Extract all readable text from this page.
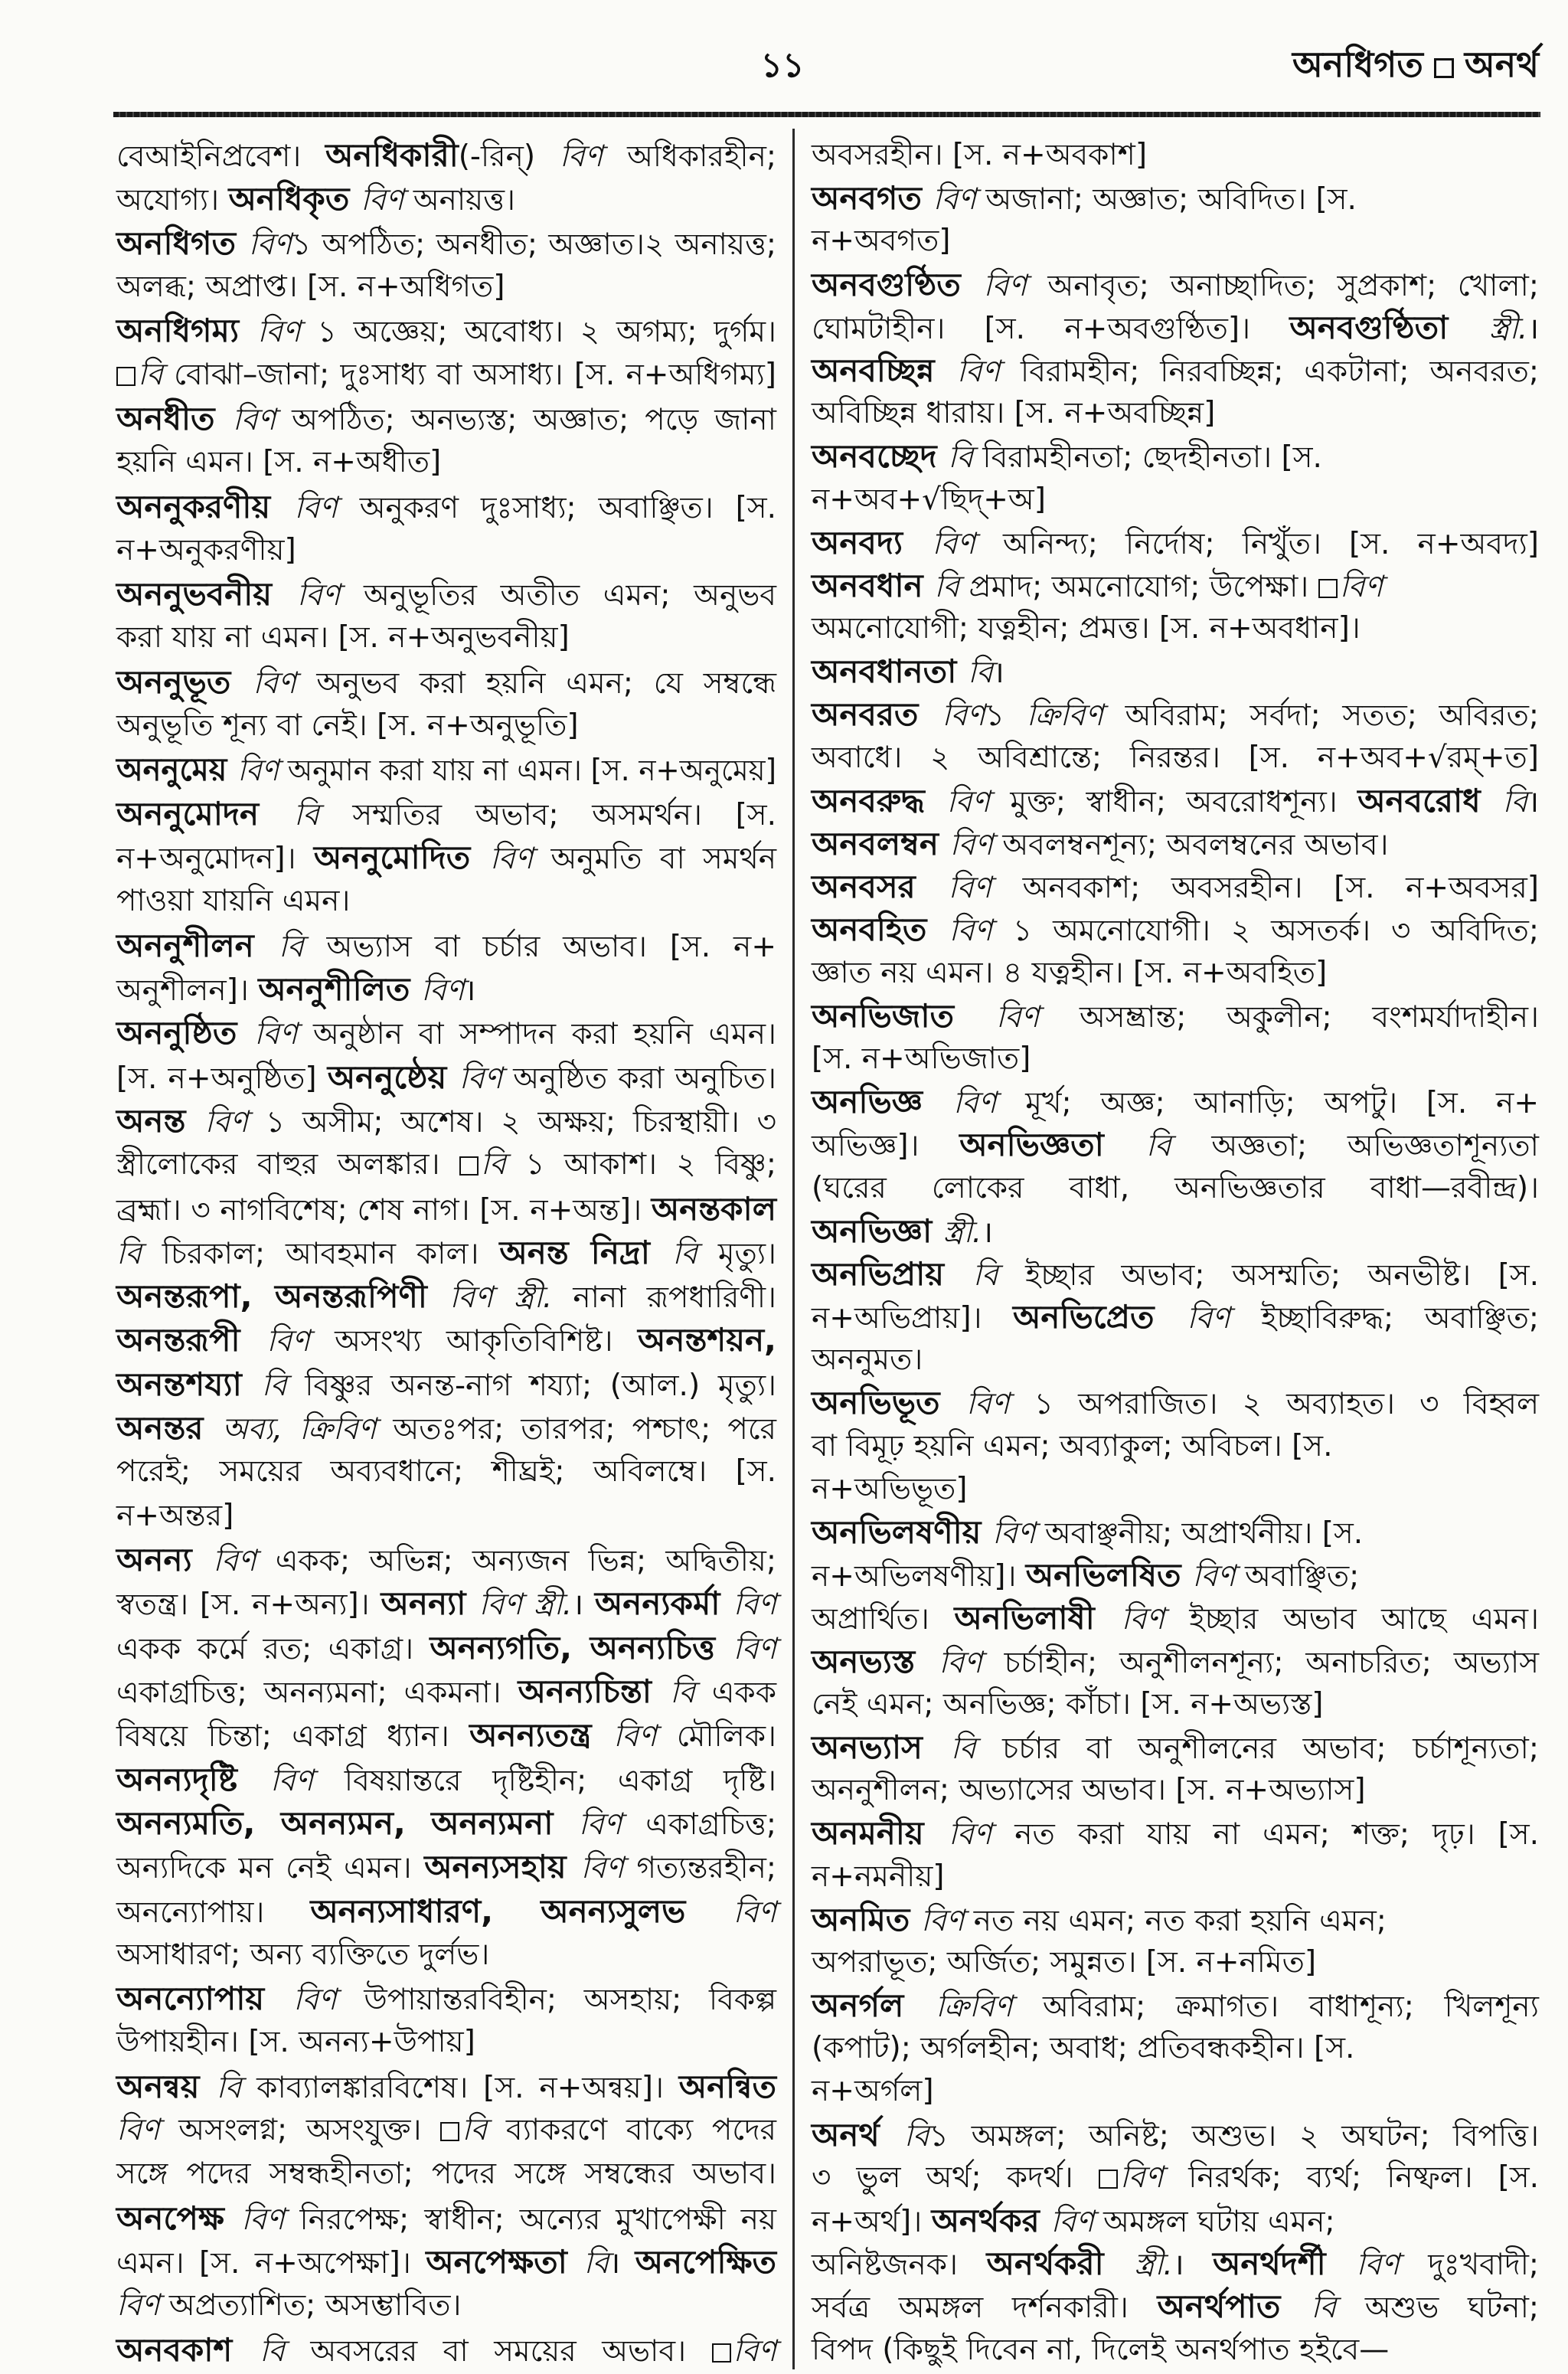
১১	অনধিগত অনর্থ
বেআইনিপ্রবেশ। অনধিকারী(-রিন্) বিণ অধিকারহীন;
অযোগ্য। অনধিকৃত বিণ অনায়ত্ত।
অনধিগত বিণ১ অপঠিত; অনধীত; অজ্ঞাত।২ অনায়ত্ত;
অলব্ধ; অপ্রাপ্ত। [স. ন+অধিগত]
অনধিগম্য বিণ ১ অজ্ঞেয়; অবোধ্য। ২ অগম্য; দুর্গম।
বি বোঝা–জানা; দুঃসাধ্য বা অসাধ্য। [স. ন+অধিগম্য]
অনধীত বিণ অপঠিত; অনভ্যস্ত; অজ্ঞাত; পড়ে জানা
হয়নি এমন। [স. ন+অধীত]
অননুকরণীয় বিণ অনুকরণ দুঃসাধ্য; অবাঞ্ছিত। [স.
ন+অনুকরণীয়]
অননুভবনীয় বিণ অনুভূতির অতীত এমন; অনুভব
করা যায় না এমন। [স. ন+অনুভবনীয়]
অননুভূত বিণ অনুভব করা হয়নি এমন; যে সম্বন্ধে
অনুভূতি শূন্য বা নেই। [স. ন+অনুভূতি]
অননুমেয় বিণ অনুমান করা যায় না এমন। [স. ন+অনুমেয়]
অননুমোদন বি সম্মতির অভাব; অসমর্থন। [স.
ন+অনুমোদন]। অননুমোদিত বিণ অনুমতি বা সমর্থন
পাওয়া যায়নি এমন।
অননুশীলন বি অভ্যাস বা চর্চার অভাব। [স. ন+
অনুশীলন]। অননুশীলিত বিণ।
অননুষ্ঠিত বিণ অনুষ্ঠান বা সম্পাদন করা হয়নি এমন।
[স. ন+অনুষ্ঠিত] অননুষ্ঠেয় বিণ অনুষ্ঠিত করা অনুচিত।
অনন্ত বিণ ১ অসীম; অশেষ। ২ অক্ষয়; চিরস্থায়ী। ৩
স্ত্রীলোকের বাহুর অলঙ্কার। বি ১ আকাশ। ২ বিষ্ণু;
ব্রহ্মা। ৩ নাগবিশেষ; শেষ নাগ। [স. ন+অন্ত]। অনন্তকাল
বি চিরকাল; আবহমান কাল। অনন্ত নিদ্রা বি মৃত্যু।
অনন্তরূপা, অনন্তরূপিণী বিণ স্ত্রী. নানা রূপধারিণী।
অনন্তরূপী বিণ অসংখ্য আকৃতিবিশিষ্ট। অনন্তশয়ন,
অনন্তশয্যা বি বিষ্ণুর অনন্ত-নাগ শয্যা; (আল.) মৃত্যু।
অনন্তর অব্য, ক্রিবিণ অতঃপর; তারপর; পশ্চাৎ; পরে
পরেই; সময়ের অব্যবধানে; শীঘ্রই; অবিলম্বে। [স.
ন+অন্তর]
অনন্য বিণ একক; অভিন্ন; অন্যজন ভিন্ন; অদ্বিতীয়;
স্বতন্ত্র। [স. ন+অন্য]। অনন্যা বিণ স্ত্রী.। অনন্যকর্মা বিণ
একক কর্মে রত; একাগ্র। অনন্যগতি, অনন্যচিত্ত বিণ
একাগ্রচিত্ত; অনন্যমনা; একমনা। অনন্যচিন্তা বি একক
বিষয়ে চিন্তা; একাগ্র ধ্যান। অনন্যতন্ত্র বিণ মৌলিক।
অনন্যদৃষ্টি বিণ বিষয়ান্তরে দৃষ্টিহীন; একাগ্র দৃষ্টি।
অনন্যমতি, অনন্যমন, অনন্যমনা বিণ একাগ্রচিত্ত;
অন্যদিকে মন নেই এমন। অনন্যসহায় বিণ গত্যন্তরহীন;
অনন্যোপায়। অনন্যসাধারণ, অনন্যসুলভ বিণ
অসাধারণ; অন্য ব্যক্তিতে দুর্লভ।
অনন্যোপায় বিণ উপায়ান্তরবিহীন; অসহায়; বিকল্প
উপায়হীন। [স. অনন্য+উপায়]
অনন্বয় বি কাব্যালঙ্কারবিশেষ। [স. ন+অন্বয়]। অনন্বিত
বিণ অসংলগ্ন; অসংযুক্ত। বি ব্যাকরণে বাক্যে পদের
সঙ্গে পদের সম্বন্ধহীনতা; পদের সঙ্গে সম্বন্ধের অভাব।
অনপেক্ষ বিণ নিরপেক্ষ; স্বাধীন; অন্যের মুখাপেক্ষী নয়
এমন। [স. ন+অপেক্ষা]। অনপেক্ষতা বি। অনপেক্ষিত
বিণ অপ্রত্যাশিত; অসম্ভাবিত।
অনবকাশ বি অবসরের বা সময়ের অভাব। বিণ
অবসরহীন। [স. ন+অবকাশ]
অনবগত বিণ অজানা; অজ্ঞাত; অবিদিত। [স.
ন+অবগত]
অনবগুণ্ঠিত বিণ অনাবৃত; অনাচ্ছাদিত; সুপ্রকাশ; খোলা;
ঘোমটাহীন। [স. ন+অবগুণ্ঠিত]। অনবগুণ্ঠিতা স্ত্রী.।
অনবচ্ছিন্ন বিণ বিরামহীন; নিরবচ্ছিন্ন; একটানা; অনবরত;
অবিচ্ছিন্ন ধারায়। [স. ন+অবচ্ছিন্ন]
অনবচ্ছেদ বি বিরামহীনতা; ছেদহীনতা। [স.
ন+অব+√ছিদ্+অ]
অনবদ্য বিণ অনিন্দ্য; নির্দোষ; নিখুঁত। [স. ন+অবদ্য]
অনবধান বি প্রমাদ; অমনোযোগ; উপেক্ষা। বিণ
অমনোযোগী; যত্নহীন; প্রমত্ত। [স. ন+অবধান]।
অনবধানতা বি।
অনবরত বিণ১ ক্রিবিণ অবিরাম; সর্বদা; সতত; অবিরত;
অবাধে। ২ অবিশ্রান্তে; নিরন্তর। [স. ন+অব+√রম্+ত]
অনবরুদ্ধ বিণ মুক্ত; স্বাধীন; অবরোধশূন্য। অনবরোধ বি।
অনবলম্বন বিণ অবলম্বনশূন্য; অবলম্বনের অভাব।
অনবসর বিণ অনবকাশ; অবসরহীন। [স. ন+অবসর]
অনবহিত বিণ ১ অমনোযোগী। ২ অসতর্ক। ৩ অবিদিত;
জ্ঞাত নয় এমন। ৪ যত্নহীন। [স. ন+অবহিত]
অনভিজাত বিণ অসম্ভ্রান্ত; অকুলীন; বংশমর্যাদাহীন।
[স. ন+অভিজাত]
অনভিজ্ঞ বিণ মূর্খ; অজ্ঞ; আনাড়ি; অপটু। [স. ন+
অভিজ্ঞ]। অনভিজ্ঞতা বি অজ্ঞতা; অভিজ্ঞতাশূন্যতা
(ঘরের লোকের বাধা, অনভিজ্ঞতার বাধা—রবীন্দ্র)।
অনভিজ্ঞা স্ত্রী.।
অনভিপ্রায় বি ইচ্ছার অভাব; অসম্মতি; অনভীষ্ট। [স.
ন+অভিপ্রায়]। অনভিপ্রেত বিণ ইচ্ছাবিরুদ্ধ; অবাঞ্ছিত;
অননুমত।
অনভিভূত বিণ ১ অপরাজিত। ২ অব্যাহত। ৩ বিহ্বল
বা বিমূঢ় হয়নি এমন; অব্যাকুল; অবিচল। [স.
ন+অভিভূত]
অনভিলষণীয় বিণ অবাঞ্ছনীয়; অপ্রার্থনীয়। [স.
ন+অভিলষণীয়]। অনভিলষিত বিণ অবাঞ্ছিত;
অপ্রার্থিত। অনভিলাষী বিণ ইচ্ছার অভাব আছে এমন।
অনভ্যস্ত বিণ চর্চাহীন; অনুশীলনশূন্য; অনাচরিত; অভ্যাস
নেই এমন; অনভিজ্ঞ; কাঁচা। [স. ন+অভ্যস্ত]
অনভ্যাস বি চর্চার বা অনুশীলনের অভাব; চর্চাশূন্যতা;
অননুশীলন; অভ্যাসের অভাব। [স. ন+অভ্যাস]
অনমনীয় বিণ নত করা যায় না এমন; শক্ত; দৃঢ়। [স.
ন+নমনীয়]
অনমিত বিণ নত নয় এমন; নত করা হয়নি এমন;
অপরাভূত; অর্জিত; সমুন্নত। [স. ন+নমিত]
অনর্গল ক্রিবিণ অবিরাম; ক্রমাগত। বাধাশূন্য; খিলশূন্য
(কপাট); অর্গলহীন; অবাধ; প্রতিবন্ধকহীন। [স.
ন+অর্গল]
অনর্থ বি১ অমঙ্গল; অনিষ্ট; অশুভ। ২ অঘটন; বিপত্তি।
৩ ভুল অর্থ; কদর্থ। বিণ নিরর্থক; ব্যর্থ; নিষ্ফল। [স.
ন+অর্থ]। অনর্থকর বিণ অমঙ্গল ঘটায় এমন;
অনিষ্টজনক। অনর্থকরী স্ত্রী.। অনর্থদর্শী বিণ দুঃখবাদী;
সর্বত্র অমঙ্গল দর্শনকারী। অনর্থপাত বি অশুভ ঘটনা;
বিপদ (কিছুই দিবেন না, দিলেই অনর্থপাত হইবে—
